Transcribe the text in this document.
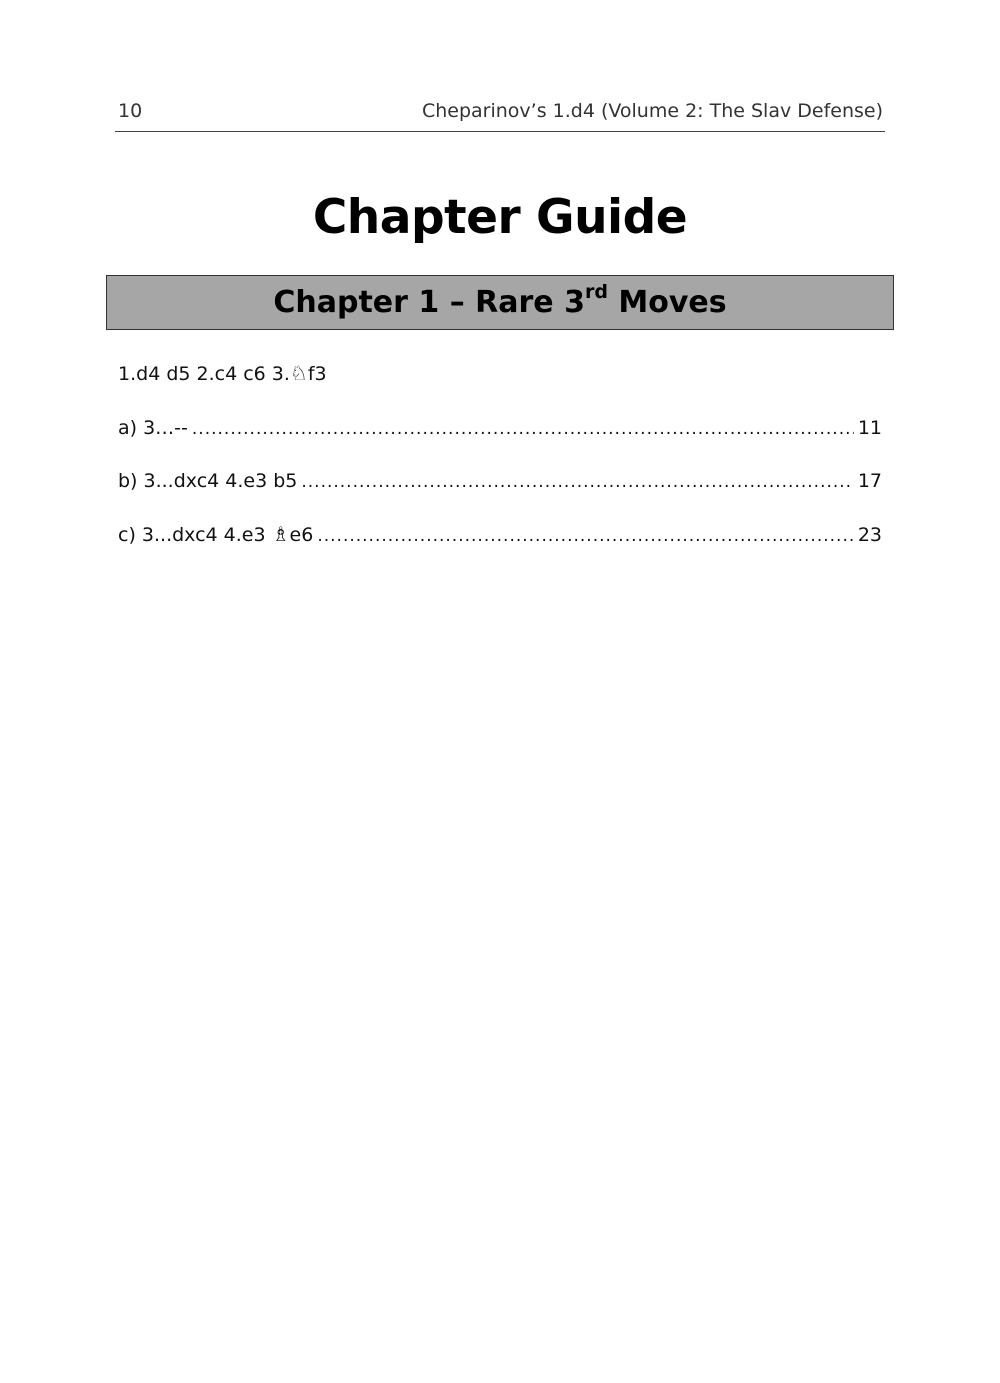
10	Cheparinov’s 1.d4 (Volume 2: The Slav Defense)
Chapter Guide
Chapter 1 – Rare 3rd Moves
1.d4 d5 2.c4 c6 3.♘f3
a) 3…-- .....	11
b) 3...dxc4 4.e3 b5 .....	17
c) 3...dxc4 4.e3 ♗e6 .....	23
